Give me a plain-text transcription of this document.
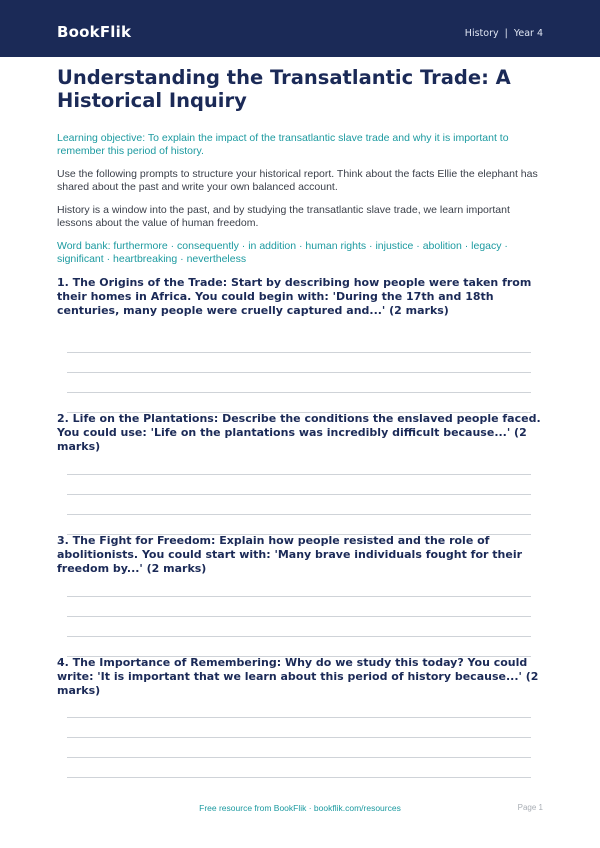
BookFlik	History | Year 4
Understanding the Transatlantic Trade: A Historical Inquiry

Learning objective: To explain the impact of the transatlantic slave trade and why it is important to remember this period of history.

Use the following prompts to structure your historical report. Think about the facts Ellie the elephant has shared about the past and write your own balanced account.

History is a window into the past, and by studying the transatlantic slave trade, we learn important lessons about the value of human freedom.

Word bank: furthermore · consequently · in addition · human rights · injustice · abolition · legacy · significant · heartbreaking · nevertheless

1. The Origins of the Trade: Start by describing how people were taken from their homes in Africa. You could begin with: 'During the 17th and 18th centuries, many people were cruelly captured and...' (2 marks)
2. Life on the Plantations: Describe the conditions the enslaved people faced. You could use: 'Life on the plantations was incredibly difficult because...' (2 marks)
3. The Fight for Freedom: Explain how people resisted and the role of abolitionists. You could start with: 'Many brave individuals fought for their freedom by...' (2 marks)
4. The Importance of Remembering: Why do we study this today? You could write: 'It is important that we learn about this period of history because...' (2 marks)
Free resource from BookFlik · bookflik.com/resources	Page 1
